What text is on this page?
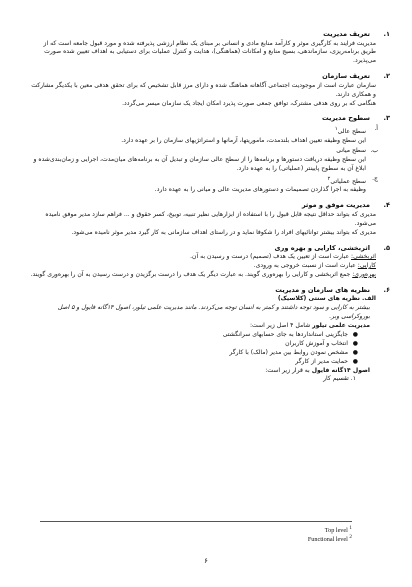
۱.
تعریف مدیریت
مدیریت فرایند به کارگیری موثر و کارآمد منابع مادی و انسانی بر مبنای یک نظام ارزشی پذیرفته شده و مورد قبول جامعه است که از طریق برنامه‌ریزی، سازماندهی، بسیج منابع و امکانات (هماهنگی)، هدایت و کنترل عملیات برای دستیابی به اهداف تعیین شده صورت می‌پذیرد.
۲.
تعریف سازمان
سازمان عبارت است از موجودیت اجتماعی آگاهانه هماهنگ شده و دارای مرز قابل تشخیص که برای تحقق هدفی معین با یکدیگر مشارکت و همکاری دارند.
هنگامی که بر روی هدفی مشترک، توافق جمعی صورت پذیرد امکان ایجاد یک سازمان میسر می‌گردد.
۳.
سطوح مدیریت
أ.
سطح عالی$^۱$
این سطح وظیفه تعیین اهداف بلندمدت، ماموریتها، آرمانها و استراتژیهای سازمان را بر عهده دارد.
ب.
سطح میانی
این سطح وظیفه دریافت دستورها و برنامه‌ها را از سطح عالی سازمان و تبدیل آن به برنامه‌های میان‌مدت، اجرایی و زمان‌بندی‌شده و ابلاغ آن به سطوح پایینتر (عملیاتی) را به عهده دارد.
ج.
سطح عملیاتی$^۲$
وظیفه به اجرا گذاردن تصمیمات و دستورهای مدیریت عالی و میانی را به عهده دارد.
۴.
مدیریت موفق و موثر
مدیری که بتواند حداقل نتیجه قابل قبول را با استفاده از ابزارهایی نظیر تنبیه، توبیخ، کسر حقوق و ... فراهم سازد مدیر موفق نامیده می‌شود.
مدیری که بتواند بیشتر توانائیهای افراد را شکوفا نماید و در راستای اهداف سازمانی به کار گیرد مدیر موثر نامیده می‌شود.
۵.
اثربخشی، کارایی و بهره وری
اثربخشی: عبارت است از تعیین یک هدف (تصمیم) درست و رسیدن به آن.
کارایی: عبارت است از نسبت خروجی به ورودی.
بهره‌وری: جمع اثربخشی و کارایی را بهره‌وری گویند. به عبارت دیگر یک هدف را درست برگزیدن و درست رسیدن به آن را بهره‌وری گویند.
۶.
نظریه های سازمان و مدیریت
الف. نظریه های سنتی (کلاسیک)
بیشتر به کارایی و سود توجه داشتند و کمتر به انسان توجه می‌کردند. مانند مدیریت علمی تیلور، اصول ۱۴گانه فایول و ۵ اصل بوروکراسی وبر.
مدیریت علمی تیلور شامل ۴ اصل زیر است:
●
جایگزینی استانداردها به جای حسابهای سرانگشتی
●
انتخاب و آموزش کاربران
●
مشخص نمودن روابط بین مدیر (مالک) با کارگر
●
حمایت مدیر از کارگر
اصول ۱۴گانه فایول به قرار زیر است:
۱. تقسیم کار
Top level $^1$
Functional level $^2$
۶
